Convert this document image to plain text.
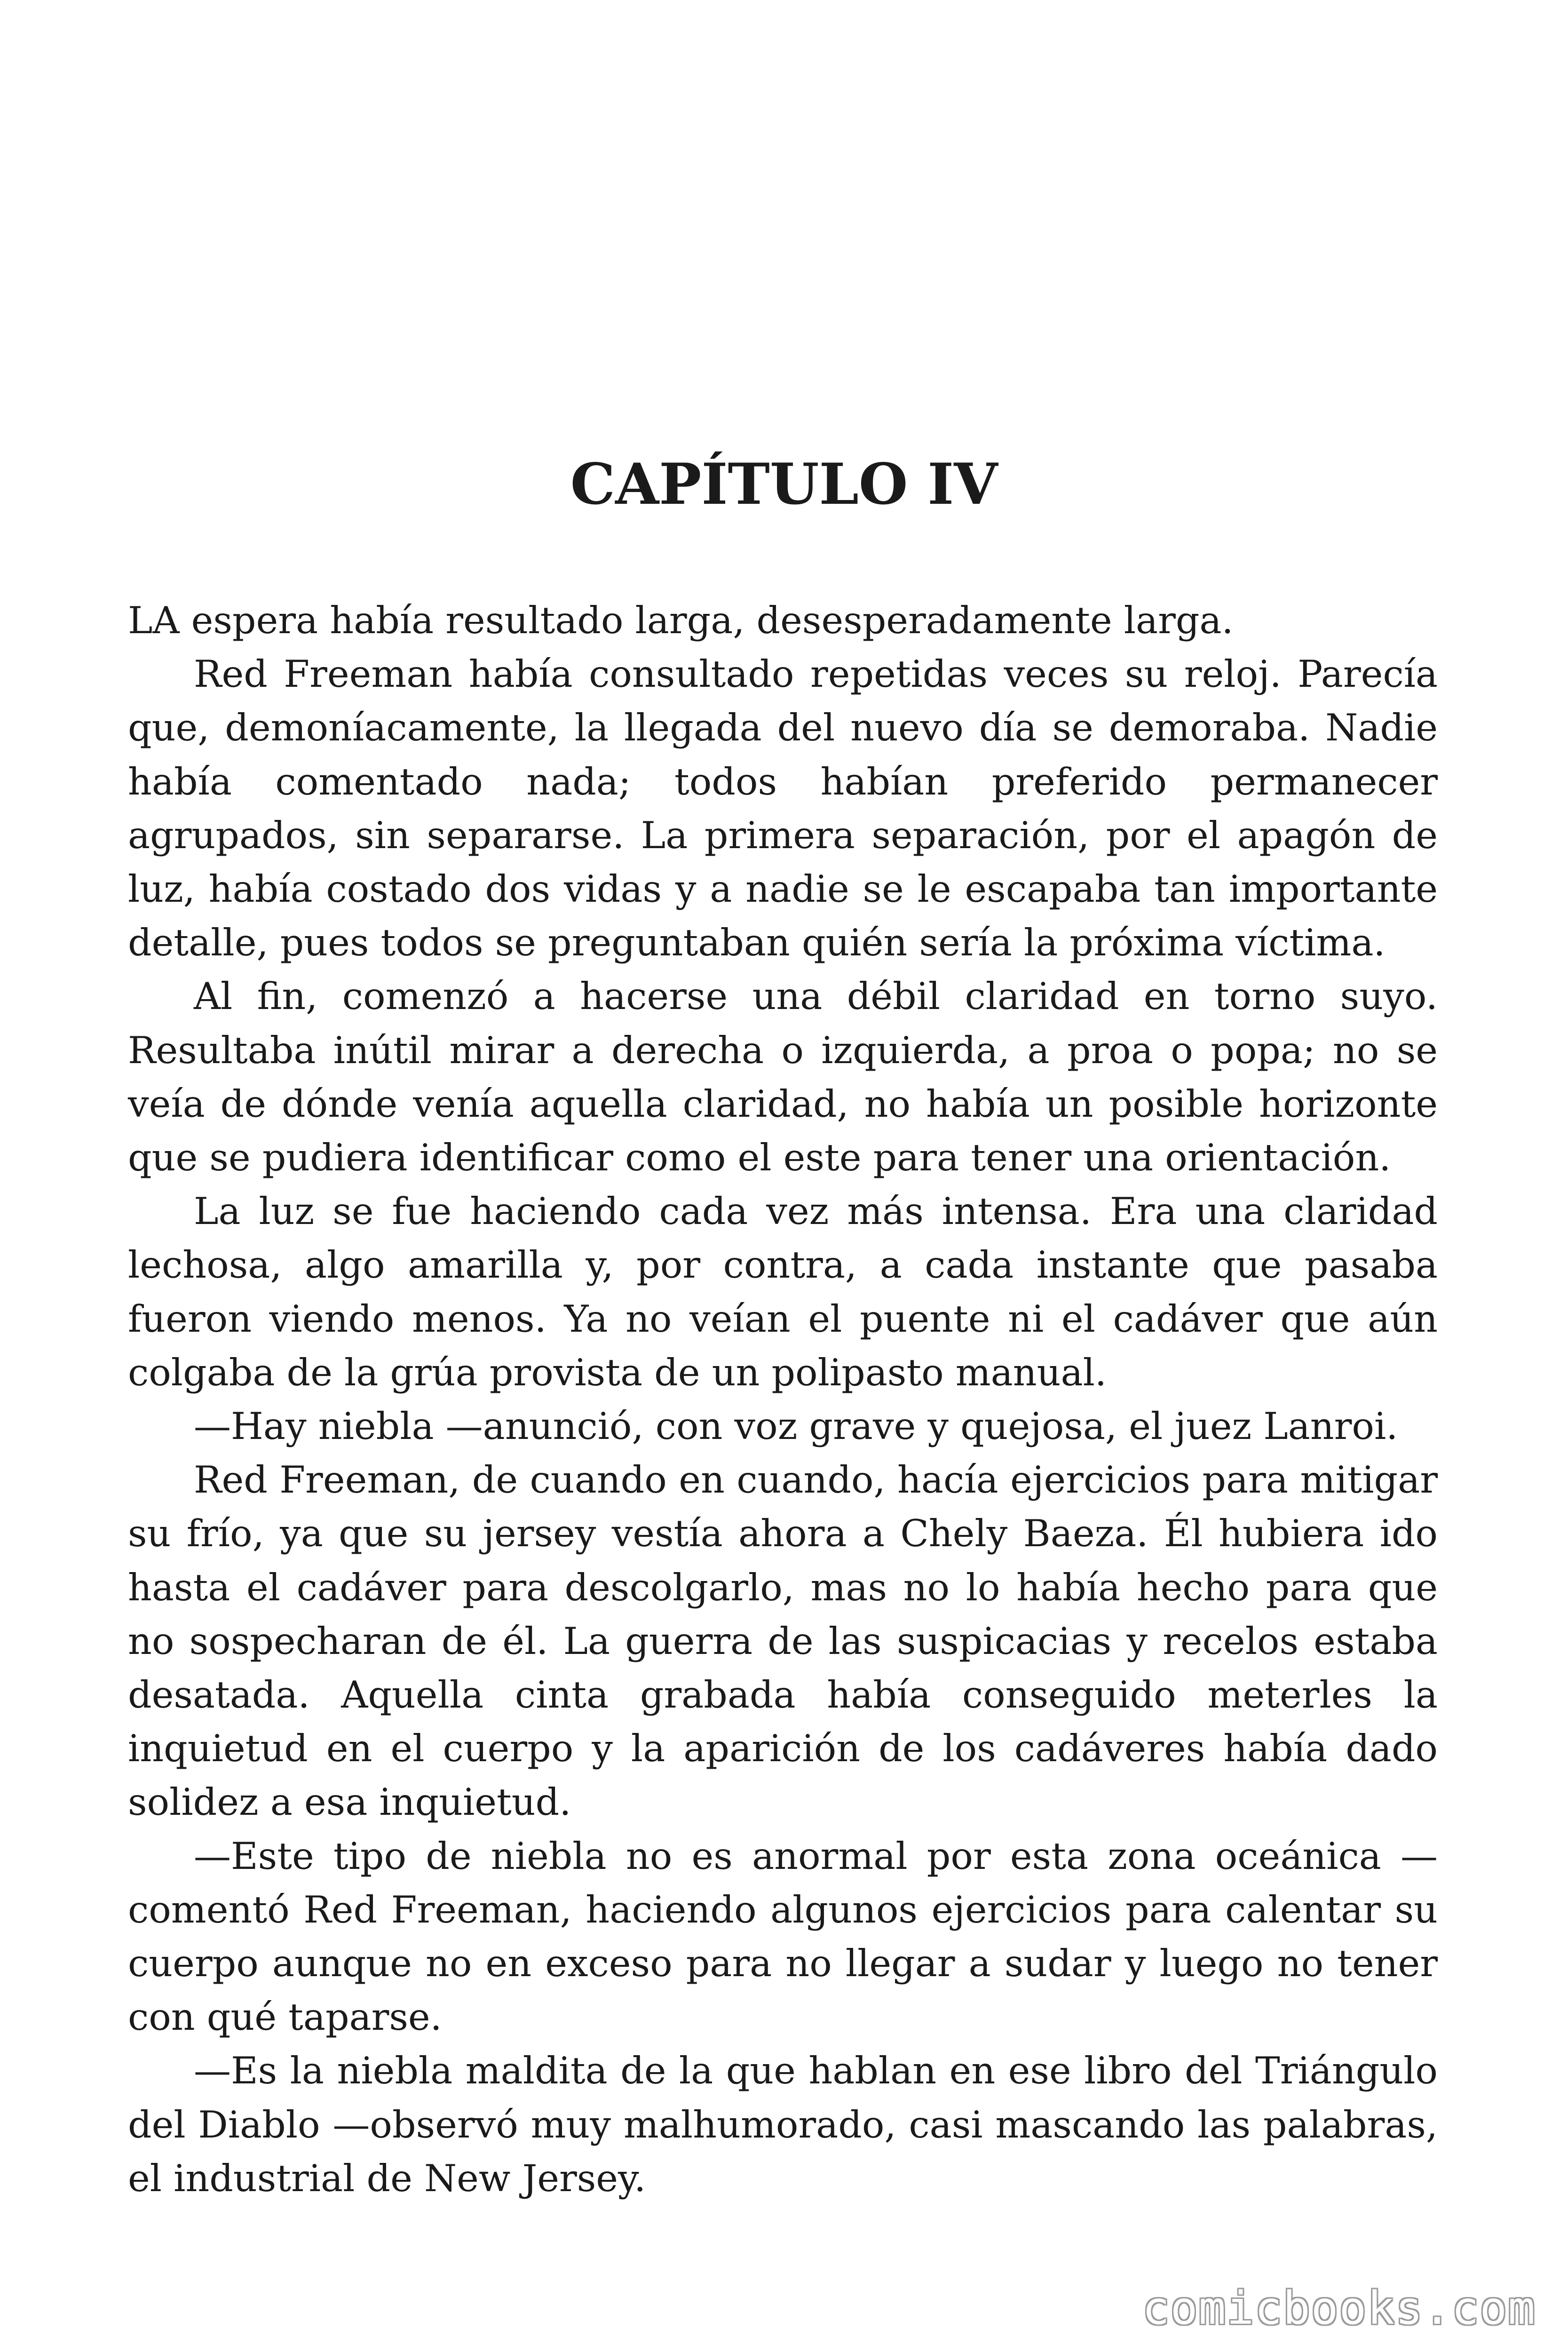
CAPÍTULO IV

LA espera había resultado larga, desesperadamente larga.

Red Freeman había consultado repetidas veces su reloj. Parecía que, demoníacamente, la llegada del nuevo día se demoraba. Nadie había comentado nada; todos habían preferido permanecer agrupados, sin separarse. La primera separación, por el apagón de luz, había costado dos vidas y a nadie se le escapaba tan importante detalle, pues todos se preguntaban quién sería la próxima víctima.

Al fin, comenzó a hacerse una débil claridad en torno suyo. Resultaba inútil mirar a derecha o izquierda, a proa o popa; no se veía de dónde venía aquella claridad, no había un posible horizonte que se pudiera identificar como el este para tener una orientación.

La luz se fue haciendo cada vez más intensa. Era una claridad lechosa, algo amarilla y, por contra, a cada instante que pasaba fueron viendo menos. Ya no veían el puente ni el cadáver que aún colgaba de la grúa provista de un polipasto manual.

—Hay niebla —anunció, con voz grave y quejosa, el juez Lanroi.

Red Freeman, de cuando en cuando, hacía ejercicios para mitigar su frío, ya que su jersey vestía ahora a Chely Baeza. Él hubiera ido hasta el cadáver para descolgarlo, mas no lo había hecho para que no sospecharan de él. La guerra de las suspicacias y recelos estaba desatada. Aquella cinta grabada había conseguido meterles la inquietud en el cuerpo y la aparición de los cadáveres había dado solidez a esa inquietud.

—Este tipo de niebla no es anormal por esta zona oceánica —comentó Red Freeman, haciendo algunos ejercicios para calentar su cuerpo aunque no en exceso para no llegar a sudar y luego no tener con qué taparse.

—Es la niebla maldita de la que hablan en ese libro del Triángulo del Diablo —observó muy malhumorado, casi mascando las palabras, el industrial de New Jersey.

comicbooks.com
